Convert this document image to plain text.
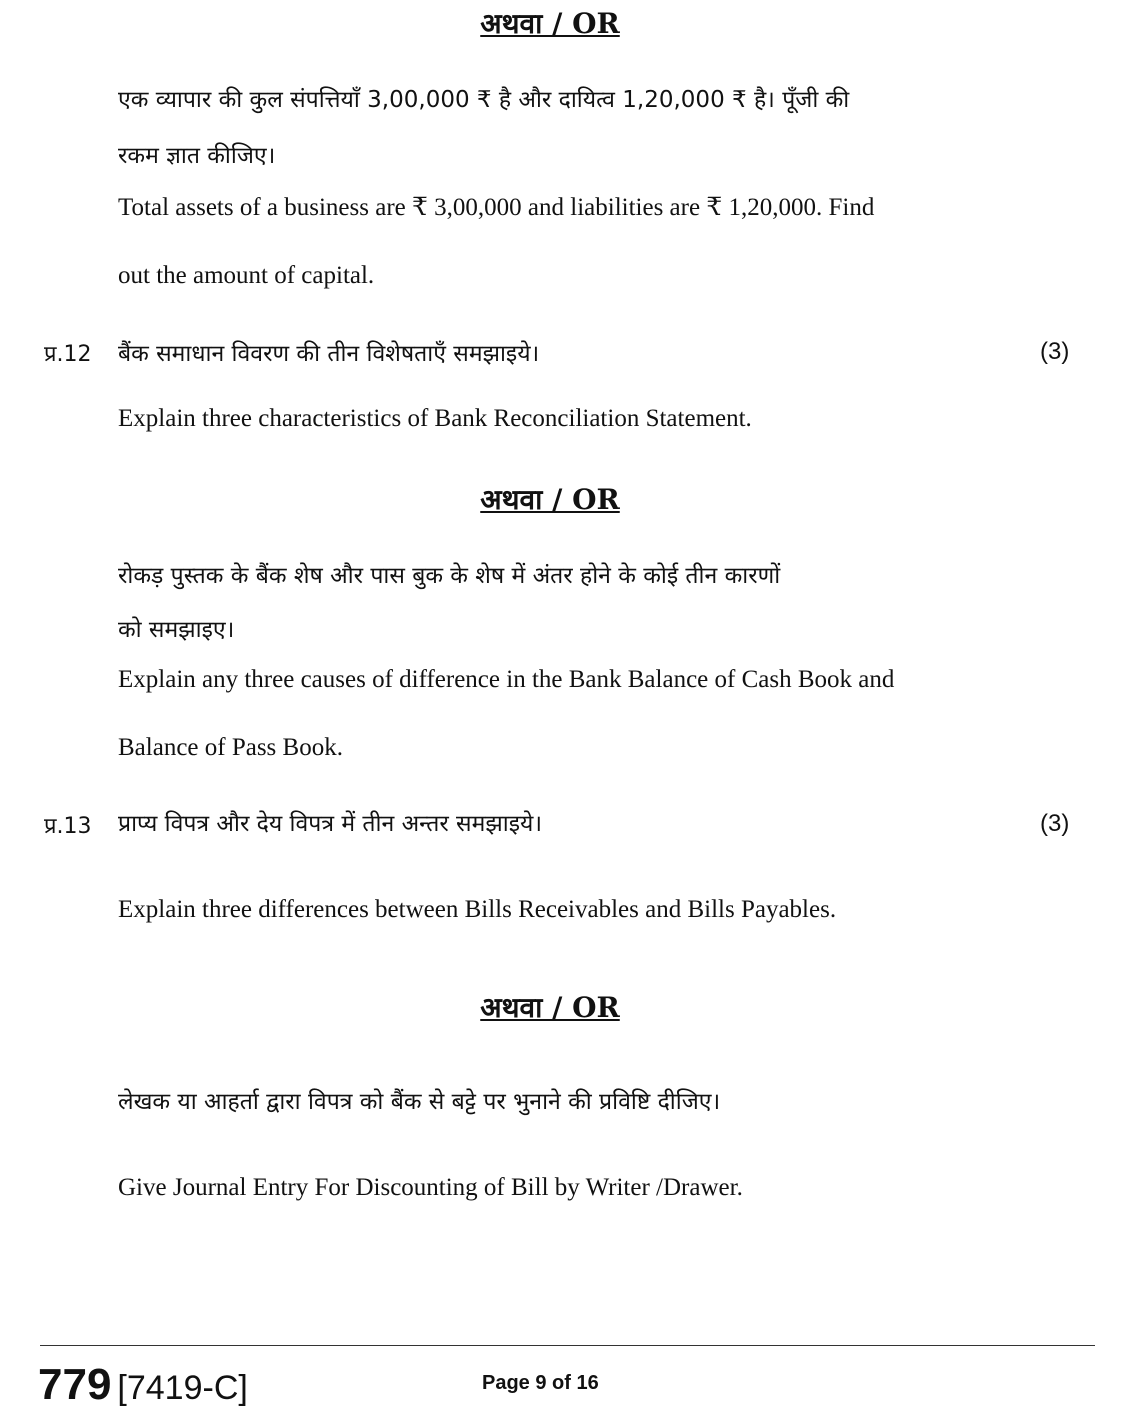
अथवा / OR
एक व्यापार की कुल संपत्तियाँ 3,00,000 ₹ है और दायित्व 1,20,000 ₹ है। पूँजी की
रकम ज्ञात कीजिए।
Total assets of a business are ₹ 3,00,000 and liabilities are ₹ 1,20,000. Find
out the amount of capital.
प्र.12 बैंक समाधान विवरण की तीन विशेषताएँ समझाइये।	(3)
Explain three characteristics of Bank Reconciliation Statement.
अथवा / OR
रोकड़ पुस्तक के बैंक शेष और पास बुक के शेष में अंतर होने के कोई तीन कारणों
को समझाइए।
Explain any three causes of difference in the Bank Balance of Cash Book and
Balance of Pass Book.
प्र.13 प्राप्य विपत्र और देय विपत्र में तीन अन्तर समझाइये।	(3)
Explain three differences between Bills Receivables and Bills Payables.
अथवा / OR
लेखक या आहर्ता द्वारा विपत्र को बैंक से बट्टे पर भुनाने की प्रविष्टि दीजिए।
Give Journal Entry For Discounting of Bill by Writer /Drawer.
779 [7419-C]	Page 9 of 16
